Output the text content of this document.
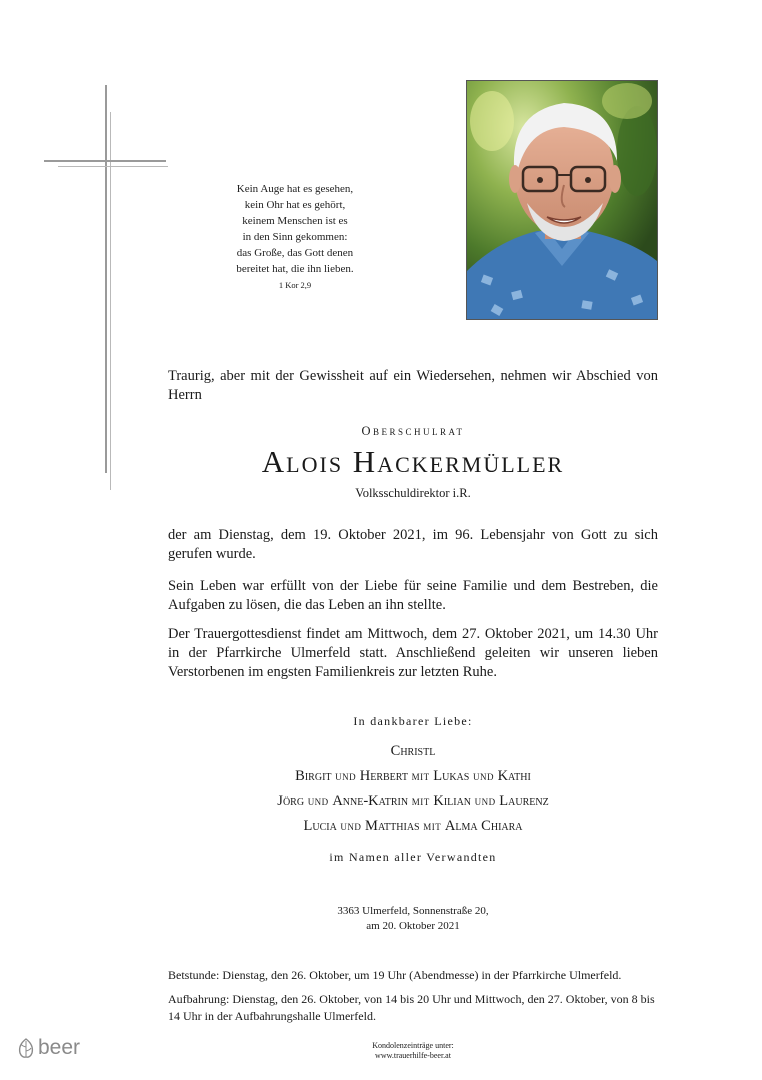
Kein Auge hat es gesehen,
kein Ohr hat es gehört,
keinem Menschen ist es
in den Sinn gekommen:
das Große, das Gott denen
bereitet hat, die ihn lieben.
1 Kor 2,9
Traurig, aber mit der Gewissheit auf ein Wiedersehen, nehmen wir Abschied von Herrn
Oberschulrat
Alois Hackermüller
Volksschuldirektor i.R.
der am Dienstag, dem 19. Oktober 2021, im 96. Lebensjahr von Gott zu sich gerufen wurde.
Sein Leben war erfüllt von der Liebe für seine Familie und dem Bestreben, die Aufgaben zu lösen, die das Leben an ihn stellte.
Der Trauergottesdienst findet am Mittwoch, dem 27. Oktober 2021, um 14.30 Uhr in der Pfarrkirche Ulmerfeld statt. Anschließend geleiten wir unseren lieben Verstorbenen im engsten Familienkreis zur letzten Ruhe.
In dankbarer Liebe:
Christl
Birgit UND Herbert MIT Lukas UND Kathi
Jörg UND Anne-Katrin MIT Kilian UND Laurenz
Lucia UND Matthias MIT Alma Chiara
im Namen aller Verwandten
3363 Ulmerfeld, Sonnenstraße 20,
am 20. Oktober 2021
Betstunde: Dienstag, den 26. Oktober, um 19 Uhr (Abendmesse) in der Pfarrkirche Ulmerfeld.
Aufbahrung: Dienstag, den 26. Oktober, von 14 bis 20 Uhr und Mittwoch, den 27. Oktober, von 8 bis 14 Uhr in der Aufbahrungshalle Ulmerfeld.
Kondolenzeinträge unter:
www.trauerhilfe-beer.at
beer
